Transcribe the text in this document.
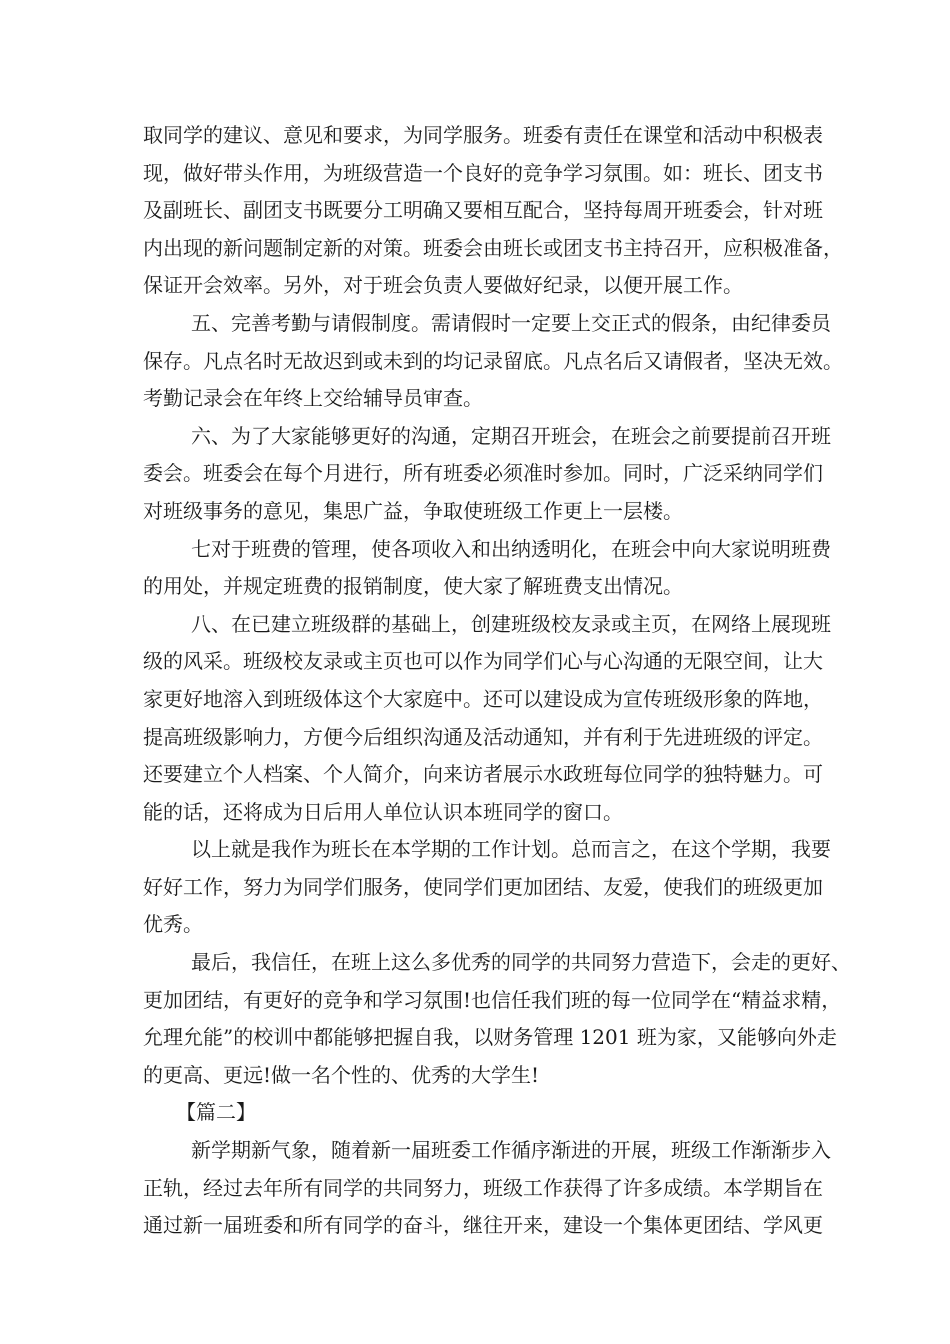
取同学的建议、意见和要求，为同学服务。班委有责任在课堂和活动中积极表
现，做好带头作用，为班级营造一个良好的竞争学习氛围。如：班长、团支书
及副班长、副团支书既要分工明确又要相互配合，坚持每周开班委会，针对班
内出现的新问题制定新的对策。班委会由班长或团支书主持召开，应积极准备，
保证开会效率。另外，对于班会负责人要做好纪录，以便开展工作。
五、完善考勤与请假制度。需请假时一定要上交正式的假条，由纪律委员
保存。凡点名时无故迟到或未到的均记录留底。凡点名后又请假者，坚决无效。
考勤记录会在年终上交给辅导员审查。
六、为了大家能够更好的沟通，定期召开班会，在班会之前要提前召开班
委会。班委会在每个月进行，所有班委必须准时参加。同时，广泛采纳同学们
对班级事务的意见，集思广益，争取使班级工作更上一层楼。
七对于班费的管理，使各项收入和出纳透明化，在班会中向大家说明班费
的用处，并规定班费的报销制度，使大家了解班费支出情况。
八、在已建立班级群的基础上，创建班级校友录或主页，在网络上展现班
级的风采。班级校友录或主页也可以作为同学们心与心沟通的无限空间，让大
家更好地溶入到班级体这个大家庭中。还可以建设成为宣传班级形象的阵地，
提高班级影响力，方便今后组织沟通及活动通知，并有利于先进班级的评定。
还要建立个人档案、个人简介，向来访者展示水政班每位同学的独特魅力。可
能的话，还将成为日后用人单位认识本班同学的窗口。
以上就是我作为班长在本学期的工作计划。总而言之，在这个学期，我要
好好工作，努力为同学们服务，使同学们更加团结、友爱，使我们的班级更加
优秀。
最后，我信任，在班上这么多优秀的同学的共同努力营造下，会走的更好、
更加团结，有更好的竞争和学习氛围!也信任我们班的每一位同学在“精益求精，
允理允能”的校训中都能够把握自我，以财务管理 1201 班为家，又能够向外走
的更高、更远!做一名个性的、优秀的大学生!
【篇二】
新学期新气象，随着新一届班委工作循序渐进的开展，班级工作渐渐步入
正轨，经过去年所有同学的共同努力，班级工作获得了许多成绩。本学期旨在
通过新一届班委和所有同学的奋斗，继往开来，建设一个集体更团结、学风更
